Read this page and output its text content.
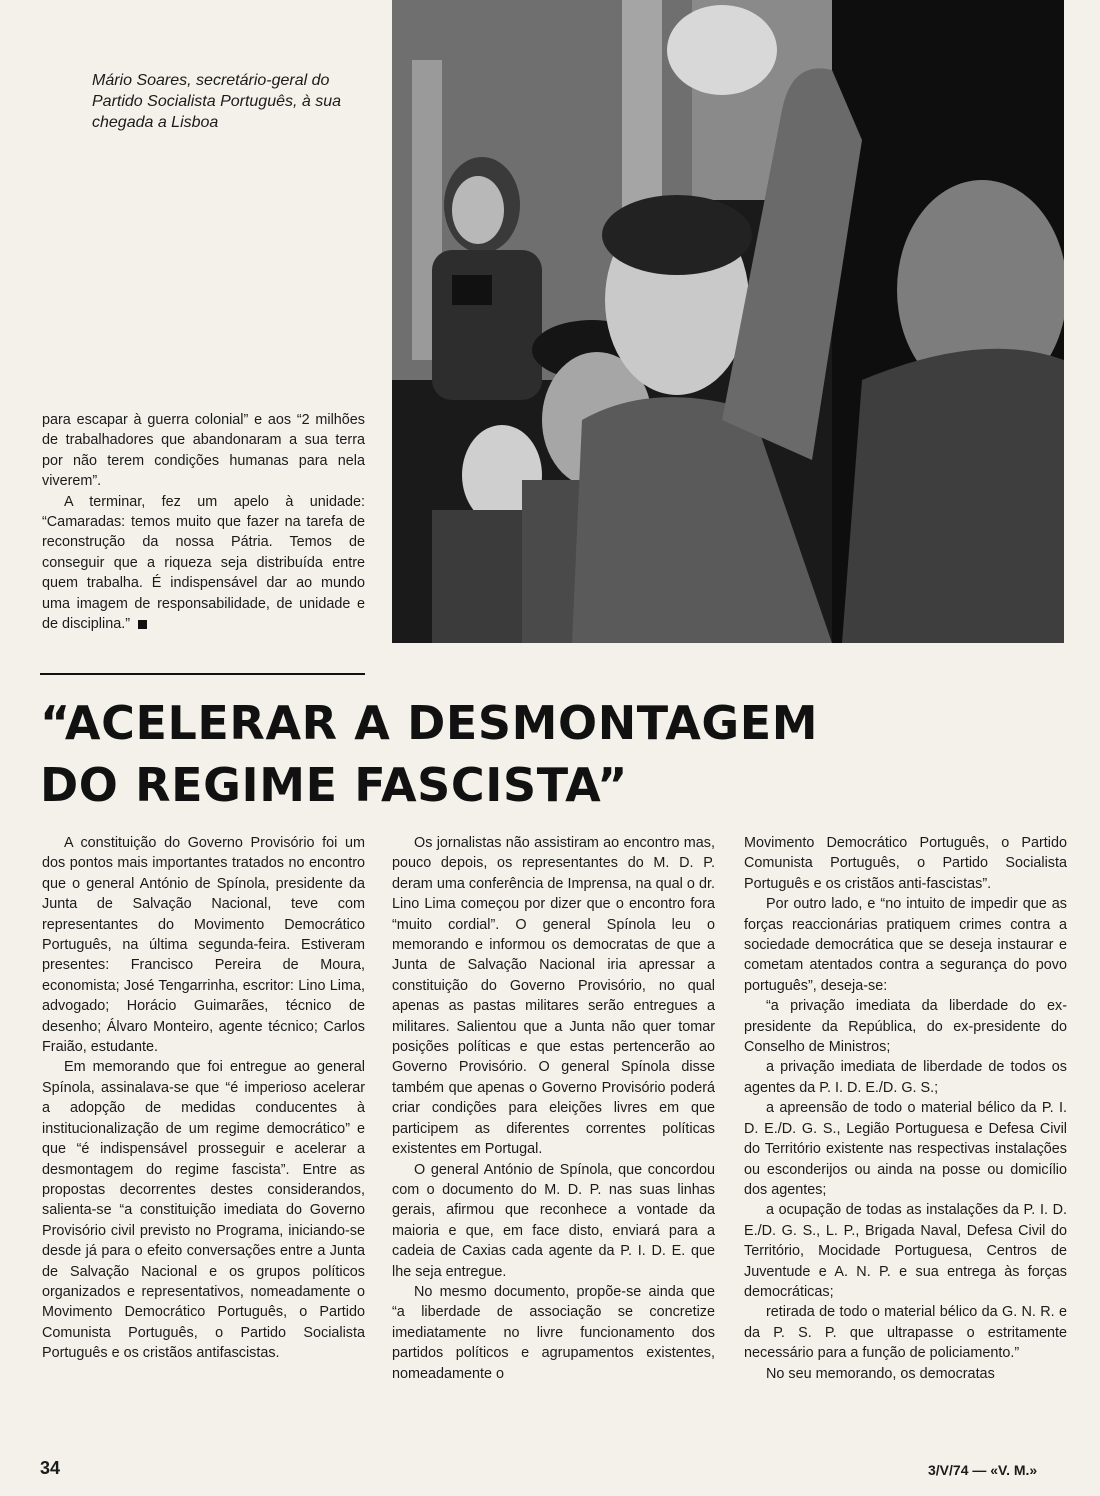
Mário Soares, secretário-geral do Partido Socialista Português, à sua chegada a Lisboa

para escapar à guerra colonial” e aos “2 milhões de trabalhadores que abandonaram a sua terra por não terem condições humanas para nela viverem”.

A terminar, fez um apelo à unidade: “Camaradas: temos muito que fazer na tarefa de reconstrução da nossa Pátria. Temos de conseguir que a riqueza seja distribuída entre quem trabalha. É indispensável dar ao mundo uma imagem de responsabilidade, de unidade e de disciplina.”

“ACELERAR A DESMONTAGEM
DO REGIME FASCISTA”

A constituição do Governo Provisório foi um dos pontos mais importantes tratados no encontro que o general António de Spínola, presidente da Junta de Salvação Nacional, teve com representantes do Movimento Democrático Português, na última segunda-feira. Estiveram presentes: Francisco Pereira de Moura, economista; José Tengarrinha, escritor: Lino Lima, advogado; Horácio Guimarães, técnico de desenho; Álvaro Monteiro, agente técnico; Carlos Fraião, estudante.

Em memorando que foi entregue ao general Spínola, assinalava-se que “é imperioso acelerar a adopção de medidas conducentes à institucionalização de um regime democrático” e que “é indispensável prosseguir e acelerar a desmontagem do regime fascista”. Entre as propostas decorrentes destes considerandos, salienta-se “a constituição imediata do Governo Provisório civil previsto no Programa, iniciando-se desde já para o efeito conversações entre a Junta de Salvação Nacional e os grupos políticos organizados e representativos, nomeadamente o Movimento Democrático Português, o Partido Comunista Português, o Partido Socialista Português e os cristãos antifascistas.

Os jornalistas não assistiram ao encontro mas, pouco depois, os representantes do M. D. P. deram uma conferência de Imprensa, na qual o dr. Lino Lima começou por dizer que o encontro fora “muito cordial”. O general Spínola leu o memorando e informou os democratas de que a Junta de Salvação Nacional iria apressar a constituição do Governo Provisório, no qual apenas as pastas militares serão entregues a militares. Salientou que a Junta não quer tomar posições políticas e que estas pertencerão ao Governo Provisório. O general Spínola disse também que apenas o Governo Provisório poderá criar condições para eleições livres em que participem as diferentes correntes políticas existentes em Portugal.

O general António de Spínola, que concordou com o documento do M. D. P. nas suas linhas gerais, afirmou que reconhece a vontade da maioria e que, em face disto, enviará para a cadeia de Caxias cada agente da P. I. D. E. que lhe seja entregue.

No mesmo documento, propõe-se ainda que “a liberdade de associação se concretize imediatamente no livre funcionamento dos partidos políticos e agrupamentos existentes, nomeadamente o

Movimento Democrático Português, o Partido Comunista Português, o Partido Socialista Português e os cristãos anti-fascistas”.

Por outro lado, e “no intuito de impedir que as forças reaccionárias pratiquem crimes contra a sociedade democrática que se deseja instaurar e cometam atentados contra a segurança do povo português”, deseja-se:

“a privação imediata da liberdade do ex-presidente da República, do ex-presidente do Conselho de Ministros;

a privação imediata de liberdade de todos os agentes da P. I. D. E./D. G. S.;

a apreensão de todo o material bélico da P. I. D. E./D. G. S., Legião Portuguesa e Defesa Civil do Território existente nas respectivas instalações ou esconderijos ou ainda na posse ou domicílio dos agentes;

a ocupação de todas as instalações da P. I. D. E./D. G. S., L. P., Brigada Naval, Defesa Civil do Território, Mocidade Portuguesa, Centros de Juventude e A. N. P. e sua entrega às forças democráticas;

retirada de todo o material bélico da G. N. R. e da P. S. P. que ultrapasse o estritamente necessário para a função de policiamento.”

No seu memorando, os democratas

34	3/V/74 — «V. M.»
